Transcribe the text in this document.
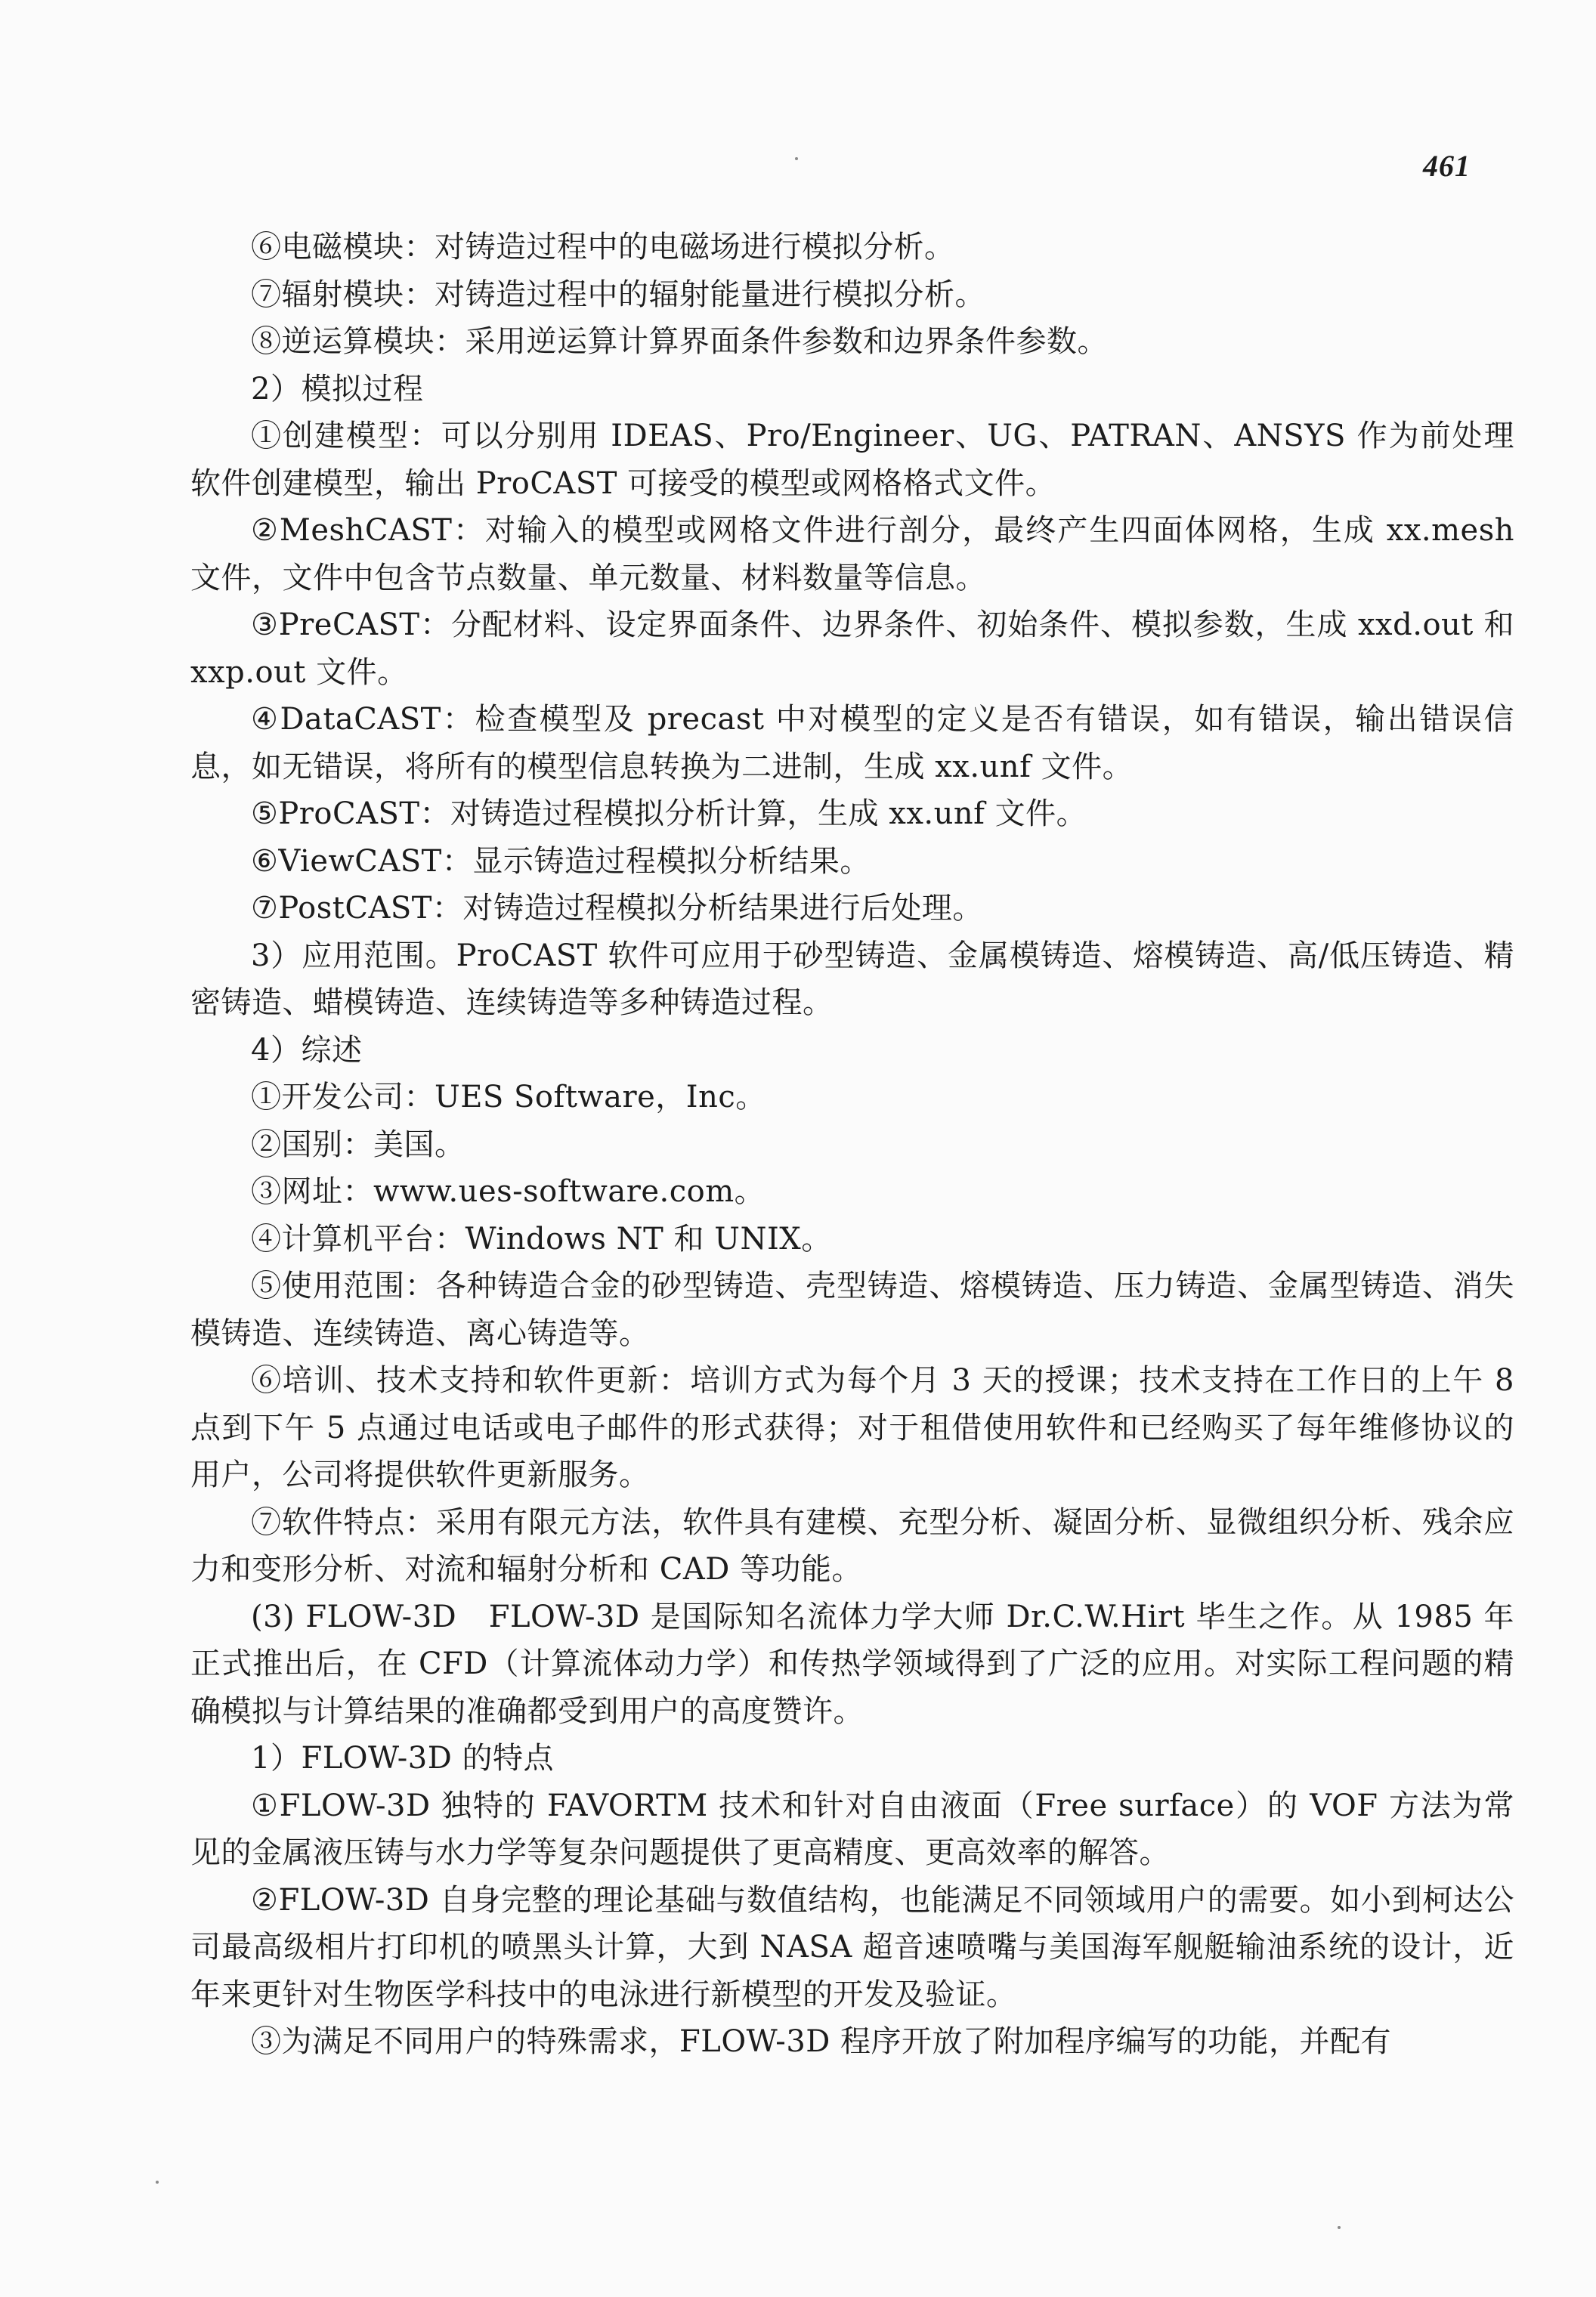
461

⑥电磁模块：对铸造过程中的电磁场进行模拟分析。

⑦辐射模块：对铸造过程中的辐射能量进行模拟分析。

⑧逆运算模块：采用逆运算计算界面条件参数和边界条件参数。

2）模拟过程

①创建模型：可以分别用 IDEAS、Pro/Engineer、UG、PATRAN、ANSYS 作为前处理软件创建模型，输出 ProCAST 可接受的模型或网格格式文件。

②MeshCAST：对输入的模型或网格文件进行剖分，最终产生四面体网格，生成 xx.mesh 文件，文件中包含节点数量、单元数量、材料数量等信息。

③PreCAST：分配材料、设定界面条件、边界条件、初始条件、模拟参数，生成 xxd.out 和 xxp.out 文件。

④DataCAST：检查模型及 precast 中对模型的定义是否有错误，如有错误，输出错误信息，如无错误，将所有的模型信息转换为二进制，生成 xx.unf 文件。

⑤ProCAST：对铸造过程模拟分析计算，生成 xx.unf 文件。

⑥ViewCAST：显示铸造过程模拟分析结果。

⑦PostCAST：对铸造过程模拟分析结果进行后处理。

3）应用范围。ProCAST 软件可应用于砂型铸造、金属模铸造、熔模铸造、高/低压铸造、精密铸造、蜡模铸造、连续铸造等多种铸造过程。

4）综述

①开发公司：UES Software，Inc。

②国别：美国。

③网址：www.ues-software.com。

④计算机平台：Windows NT 和 UNIX。

⑤使用范围：各种铸造合金的砂型铸造、壳型铸造、熔模铸造、压力铸造、金属型铸造、消失模铸造、连续铸造、离心铸造等。

⑥培训、技术支持和软件更新：培训方式为每个月 3 天的授课；技术支持在工作日的上午 8 点到下午 5 点通过电话或电子邮件的形式获得；对于租借使用软件和已经购买了每年维修协议的用户，公司将提供软件更新服务。

⑦软件特点：采用有限元方法，软件具有建模、充型分析、凝固分析、显微组织分析、残余应力和变形分析、对流和辐射分析和 CAD 等功能。

(3) FLOW-3D　FLOW-3D 是国际知名流体力学大师 Dr.C.W.Hirt 毕生之作。从 1985 年正式推出后，在 CFD（计算流体动力学）和传热学领域得到了广泛的应用。对实际工程问题的精确模拟与计算结果的准确都受到用户的高度赞许。

1）FLOW-3D 的特点

①FLOW-3D 独特的 FAVORTM 技术和针对自由液面（Free surface）的 VOF 方法为常见的金属液压铸与水力学等复杂问题提供了更高精度、更高效率的解答。

②FLOW-3D 自身完整的理论基础与数值结构，也能满足不同领域用户的需要。如小到柯达公司最高级相片打印机的喷黑头计算，大到 NASA 超音速喷嘴与美国海军舰艇输油系统的设计，近年来更针对生物医学科技中的电泳进行新模型的开发及验证。

③为满足不同用户的特殊需求，FLOW-3D 程序开放了附加程序编写的功能，并配有
